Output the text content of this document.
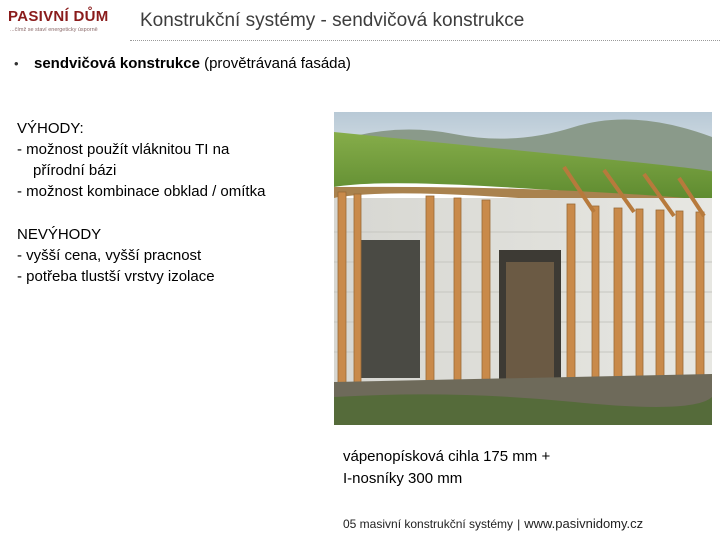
PASIVNÍ DŮM
...čímž se staví energeticky úsporně Konstrukční systémy - sendvičová konstrukce
• sendvičová konstrukce (provětrávaná fasáda)
VÝHODY:
- možnost použít vláknitou TI na
přírodní bázi
- možnost kombinace obklad / omítka
NEVÝHODY
- vyšší cena, vyšší pracnost
- potřeba tlustší vrstvy izolace
vápenopísková cihla 175 mm +
I-nosníky 300 mm
05 masivní konstrukční systémy | www.pasivnidomy.cz
